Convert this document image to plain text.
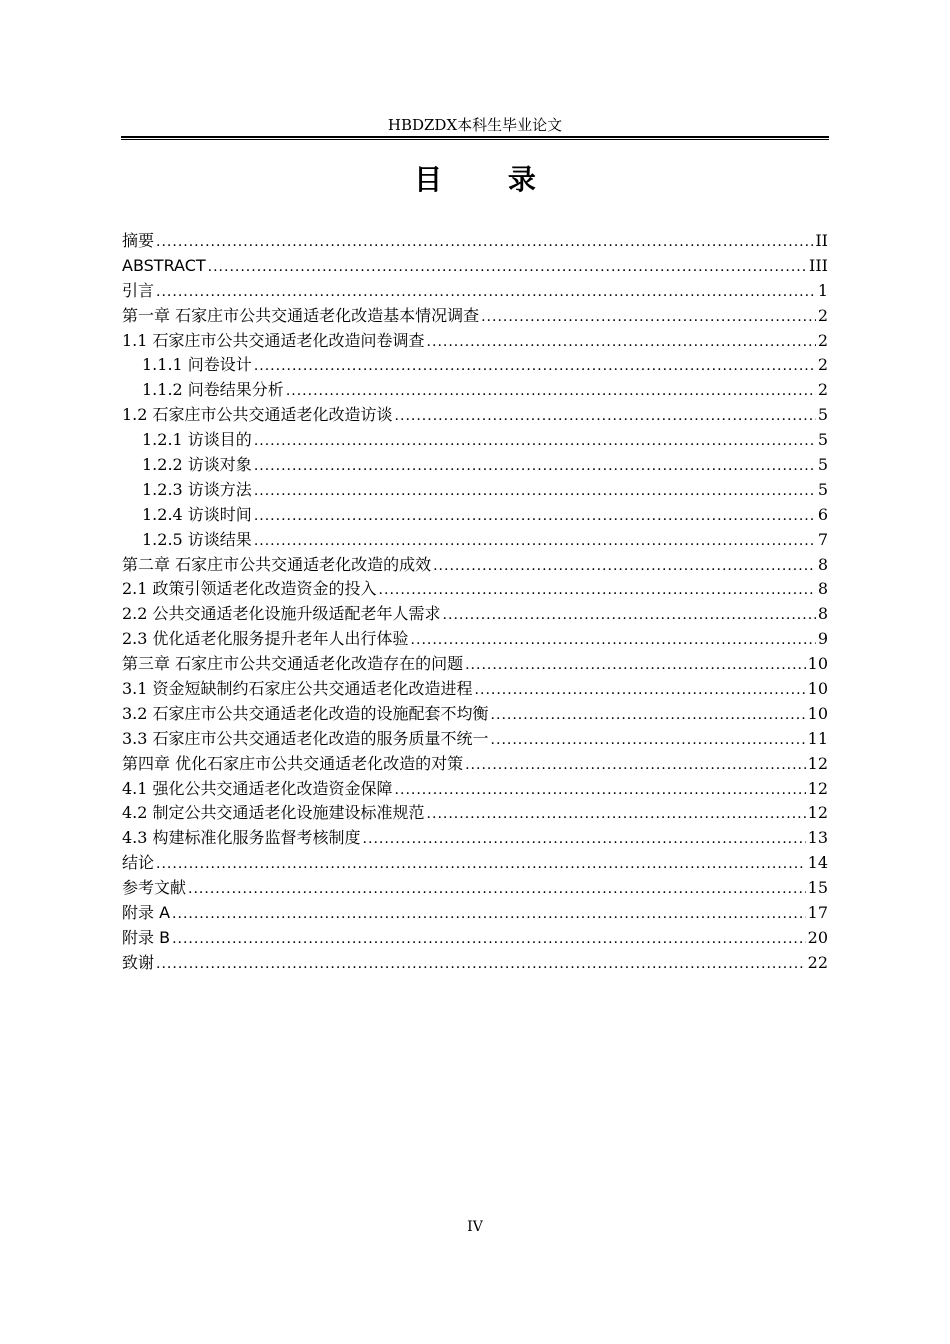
HBDZDX本科生毕业论文
目 录
摘要 .....	II
ABSTRACT .....	III
引言 .....	1
第一章 石家庄市公共交通适老化改造基本情况调查 .....	2
1.1 石家庄市公共交通适老化改造问卷调查 .....	2
1.1.1 问卷设计 .....	2
1.1.2 问卷结果分析 .....	2
1.2 石家庄市公共交通适老化改造访谈 .....	5
1.2.1 访谈目的 .....	5
1.2.2 访谈对象 .....	5
1.2.3 访谈方法 .....	5
1.2.4 访谈时间 .....	6
1.2.5 访谈结果 .....	7
第二章 石家庄市公共交通适老化改造的成效 .....	8
2.1 政策引领适老化改造资金的投入 .....	8
2.2 公共交通适老化设施升级适配老年人需求 .....	8
2.3 优化适老化服务提升老年人出行体验 .....	9
第三章 石家庄市公共交通适老化改造存在的问题 .....	10
3.1 资金短缺制约石家庄公共交通适老化改造进程 .....	10
3.2 石家庄市公共交通适老化改造的设施配套不均衡 .....	10
3.3 石家庄市公共交通适老化改造的服务质量不统一 .....	11
第四章 优化石家庄市公共交通适老化改造的对策 .....	12
4.1 强化公共交通适老化改造资金保障 .....	12
4.2 制定公共交通适老化设施建设标准规范 .....	12
4.3 构建标准化服务监督考核制度 .....	13
结论 .....	14
参考文献 .....	15
附录 A .....	17
附录 B .....	20
致谢 .....	22
IV
